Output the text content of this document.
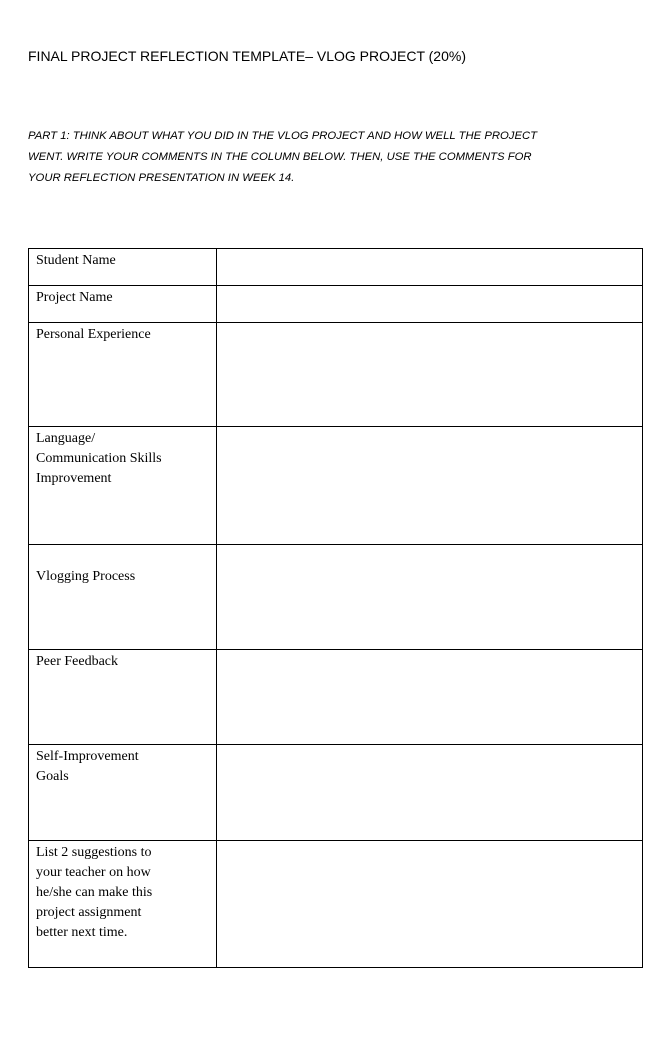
FINAL PROJECT REFLECTION TEMPLATE– VLOG PROJECT (20%)
PART 1: THINK ABOUT WHAT YOU DID IN THE VLOG PROJECT AND HOW WELL THE PROJECT
WENT. WRITE YOUR COMMENTS IN THE COLUMN BELOW. THEN, USE THE COMMENTS FOR
YOUR REFLECTION PRESENTATION IN WEEK 14.
Student Name	

Project Name	

Personal Experience	

Language/
Communication Skills
Improvement	

Vlogging Process	

Peer Feedback	

Self-Improvement
Goals	

List 2 suggestions to
your teacher on how
he/she can make this
project assignment
better next time.	
